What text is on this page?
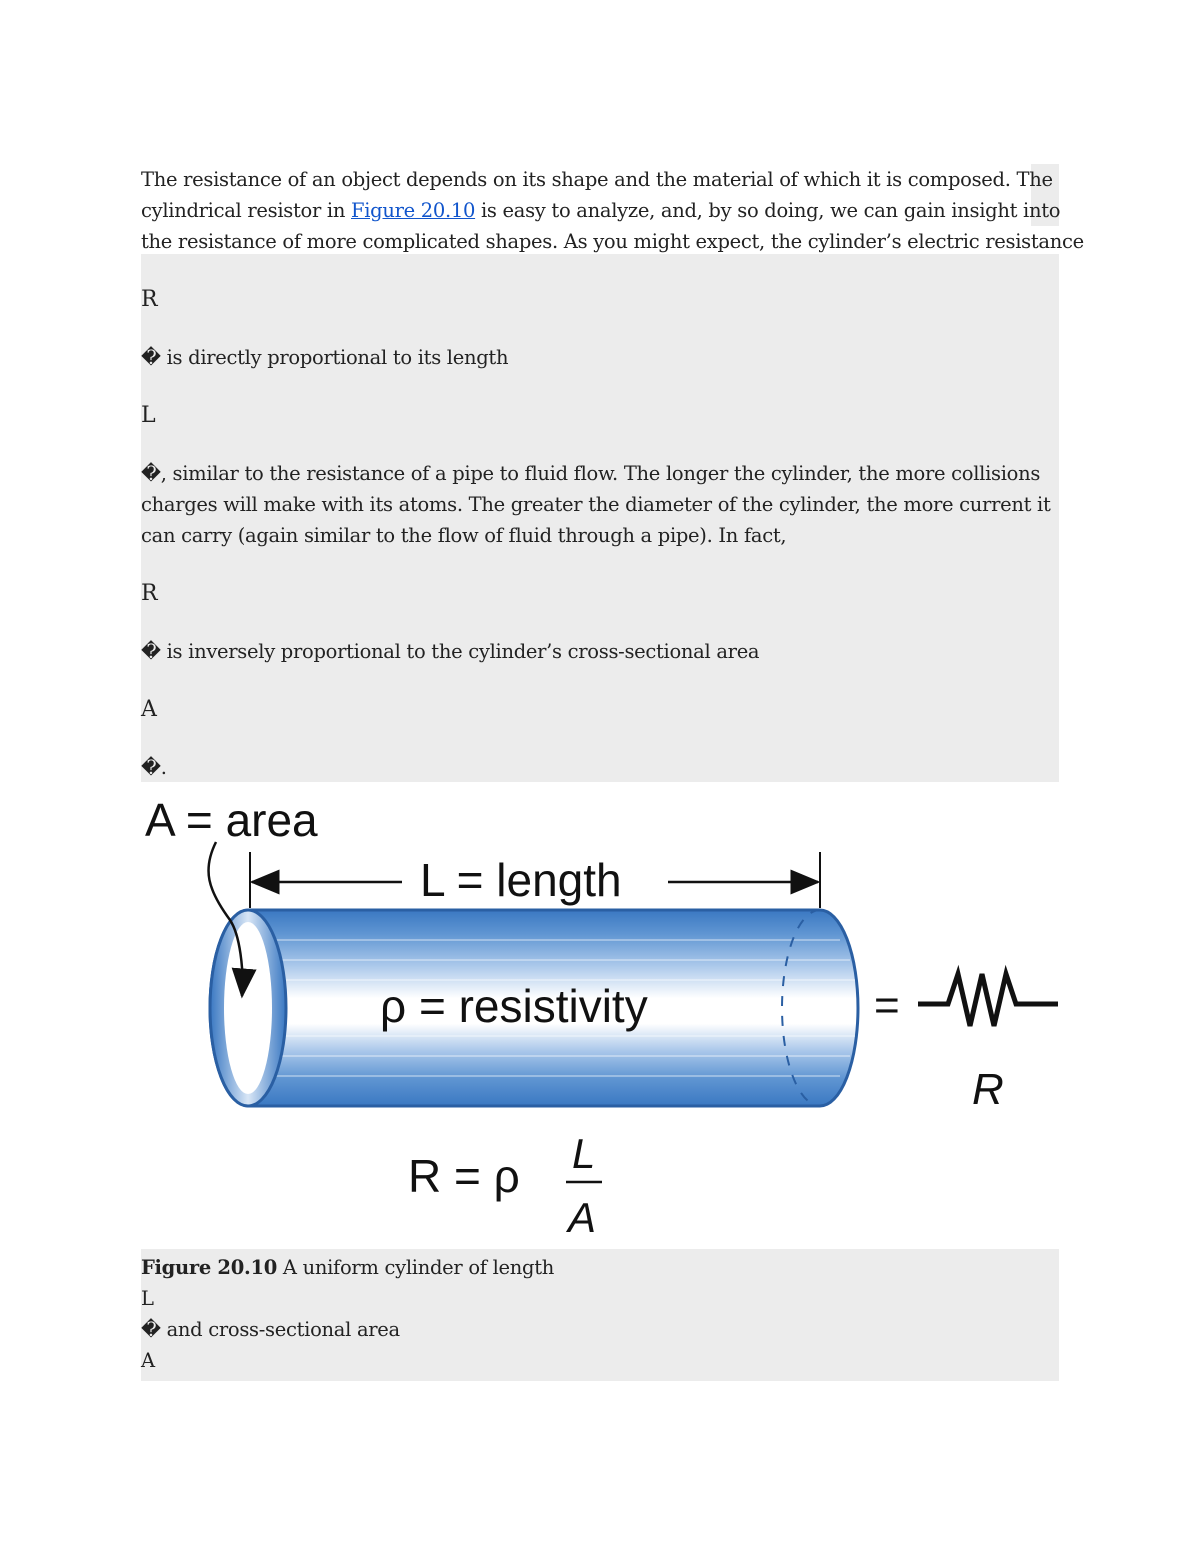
The resistance of an object depends on its shape and the material of which it is composed. The
cylindrical resistor in Figure 20.10 is easy to analyze, and, by so doing, we can gain insight into
the resistance of more complicated shapes. As you might expect, the cylinder’s electric resistance
R
� is directly proportional to its length
L
�, similar to the resistance of a pipe to fluid flow. The longer the cylinder, the more collisions
charges will make with its atoms. The greater the diameter of the cylinder, the more current it
can carry (again similar to the flow of fluid through a pipe). In fact,
R
� is inversely proportional to the cylinder’s cross-sectional area
A
�.
A = area
L = length
ρ = resistivity	=
R
R = ρ L
A
Figure 20.10 A uniform cylinder of length
L
� and cross-sectional area
A
